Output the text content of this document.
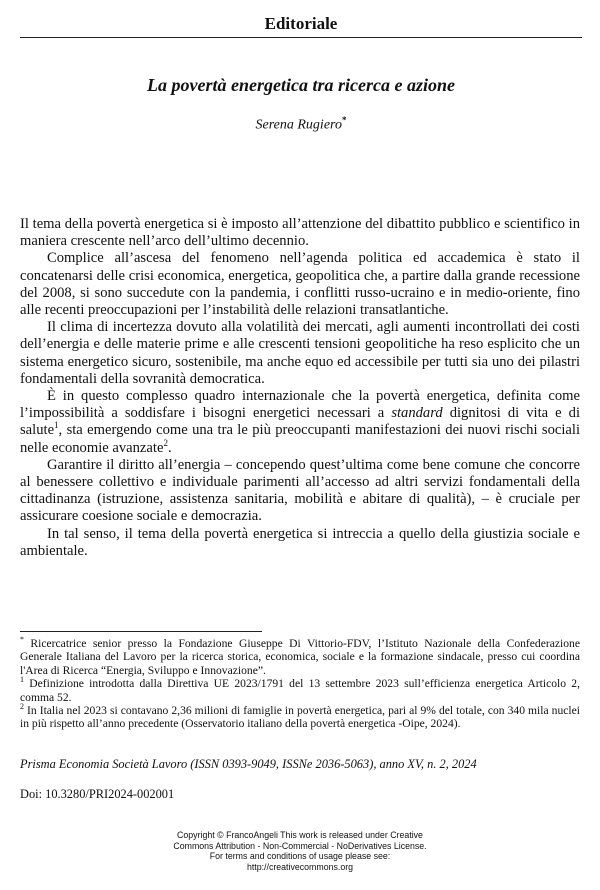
Editoriale
La povertà energetica tra ricerca e azione
Serena Rugiero*

Il tema della povertà energetica si è imposto all’attenzione del dibattito pubblico e scientifico in maniera crescente nell’arco dell’ultimo decennio.

Complice all’ascesa del fenomeno nell’agenda politica ed accademica è stato il concatenarsi delle crisi economica, energetica, geopolitica che, a partire dalla grande recessione del 2008, si sono succedute con la pandemia, i conflitti russo-ucraino e in medio-oriente, fino alle recenti preoccupazioni per l’instabilità delle relazioni transatlantiche.

Il clima di incertezza dovuto alla volatilità dei mercati, agli aumenti incontrollati dei costi dell’energia e delle materie prime e alle crescenti tensioni geopolitiche ha reso esplicito che un sistema energetico sicuro, sostenibile, ma anche equo ed accessibile per tutti sia uno dei pilastri fondamentali della sovranità democratica.

È in questo complesso quadro internazionale che la povertà energetica, definita come l’impossibilità a soddisfare i bisogni energetici necessari a standard dignitosi di vita e di salute$^1$, sta emergendo come una tra le più preoccupanti manifestazioni dei nuovi rischi sociali nelle economie avanzate$^2$.

Garantire il diritto all’energia – concependo quest’ultima come bene comune che concorre al benessere collettivo e individuale parimenti all’accesso ad altri servizi fondamentali della cittadinanza (istruzione, assistenza sanitaria, mobilità e abitare di qualità), – è cruciale per assicurare coesione sociale e democrazia.

In tal senso, il tema della povertà energetica si intreccia a quello della giustizia sociale e ambientale.

* Ricercatrice senior presso la Fondazione Giuseppe Di Vittorio-FDV, l’Istituto Nazionale della Confederazione Generale Italiana del Lavoro per la ricerca storica, economica, sociale e la formazione sindacale, presso cui coordina l'Area di Ricerca “Energia, Sviluppo e Innovazione”.

$^1$ Definizione introdotta dalla Direttiva UE 2023/1791 del 13 settembre 2023 sull’efficienza energetica Articolo 2, comma 52.

$^2$ In Italia nel 2023 si contavano 2,36 milioni di famiglie in povertà energetica, pari al 9% del totale, con 340 mila nuclei in più rispetto all’anno precedente (Osservatorio italiano della povertà energetica -Oipe, 2024).

Prisma Economia Società Lavoro (ISSN 0393-9049, ISSNe 2036-5063), anno XV, n. 2, 2024
Doi: 10.3280/PRI2024-002001
Copyright © FrancoAngeli This work is released under Creative
Commons Attribution - Non-Commercial - NoDerivatives License.
For terms and conditions of usage please see:
http://creativecommons.org
